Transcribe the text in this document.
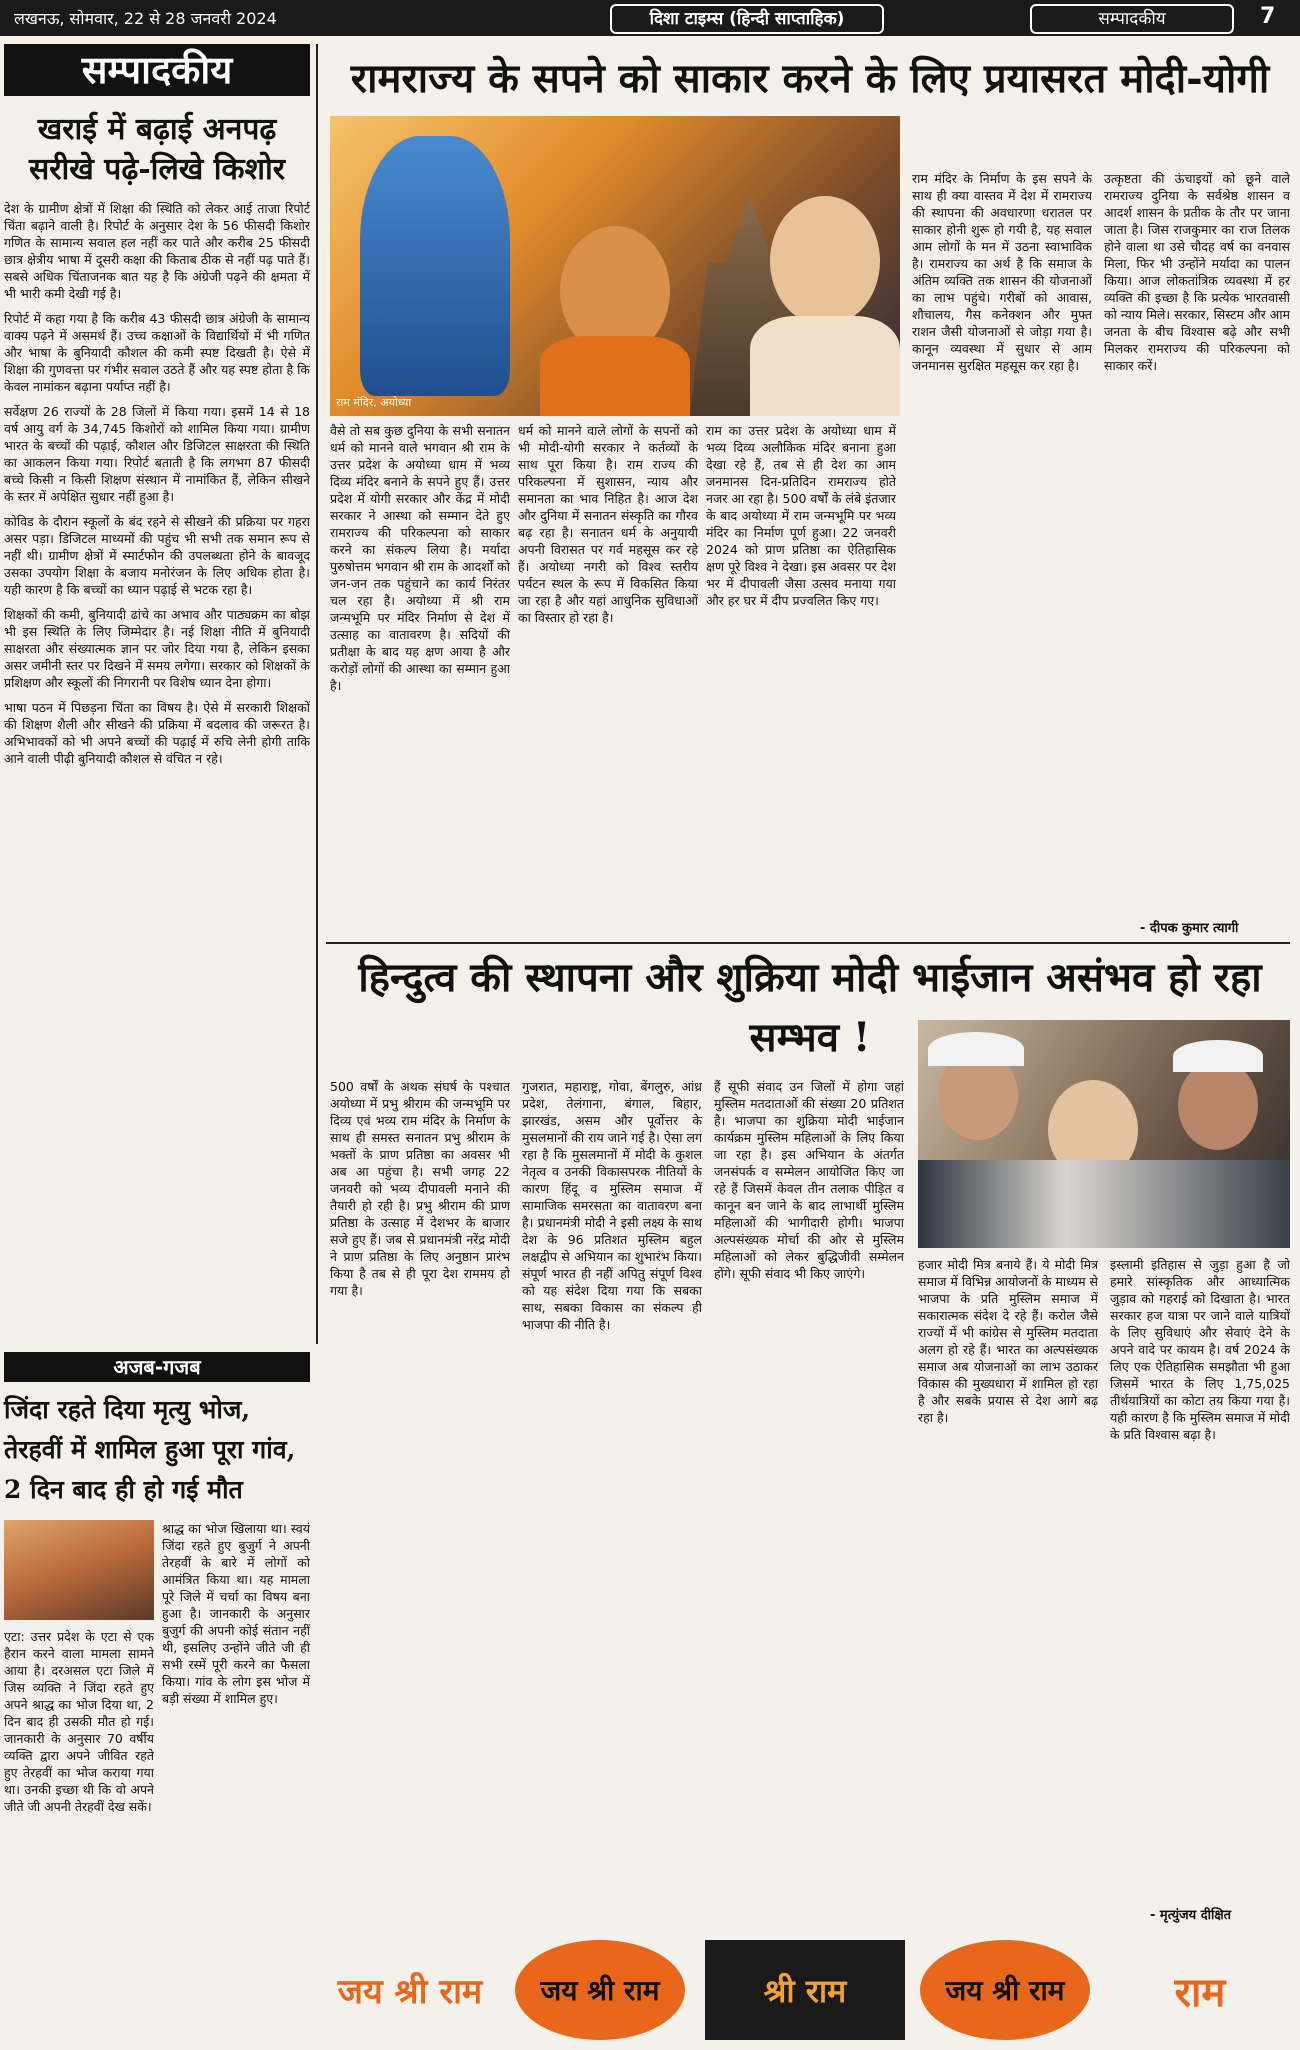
लखनऊ, सोमवार, 22 से 28 जनवरी 2024	दिशा टाइम्स (हिन्दी साप्ताहिक)	सम्पादकीय	7
सम्पादकीय	रामराज्य के सपने को साकार करने के लिए प्रयासरत मोदी-योगी
खराई में बढ़ाई अनपढ़ सरीखे पढ़े-लिखे किशोर

देश के ग्रामीण क्षेत्रों में शिक्षा की स्थिति को लेकर आई ताजा रिपोर्ट चिंता बढ़ाने वाली है। रिपोर्ट के अनुसार देश के 56 फीसदी किशोर गणित के सामान्य सवाल हल नहीं कर पाते और करीब 25 फीसदी छात्र क्षेत्रीय भाषा में दूसरी कक्षा की किताब ठीक से नहीं पढ़ पाते हैं। सबसे अधिक चिंताजनक बात यह है कि अंग्रेजी पढ़ने की क्षमता में भी भारी कमी देखी गई है।

रिपोर्ट में कहा गया है कि करीब 43 फीसदी छात्र अंग्रेजी के सामान्य वाक्य पढ़ने में असमर्थ हैं। उच्च कक्षाओं के विद्यार्थियों में भी गणित और भाषा के बुनियादी कौशल की कमी स्पष्ट दिखती है। ऐसे में शिक्षा की गुणवत्ता पर गंभीर सवाल उठते हैं और यह स्पष्ट होता है कि केवल नामांकन बढ़ाना पर्याप्त नहीं है।

सर्वेक्षण 26 राज्यों के 28 जिलों में किया गया। इसमें 14 से 18 वर्ष आयु वर्ग के 34,745 किशोरों को शामिल किया गया। ग्रामीण भारत के बच्चों की पढ़ाई, कौशल और डिजिटल साक्षरता की स्थिति का आकलन किया गया। रिपोर्ट बताती है कि लगभग 87 फीसदी बच्चे किसी न किसी शिक्षण संस्थान में नामांकित हैं, लेकिन सीखने के स्तर में अपेक्षित सुधार नहीं हुआ है।

कोविड के दौरान स्कूलों के बंद रहने से सीखने की प्रक्रिया पर गहरा असर पड़ा। डिजिटल माध्यमों की पहुंच भी सभी तक समान रूप से नहीं थी। ग्रामीण क्षेत्रों में स्मार्टफोन की उपलब्धता होने के बावजूद उसका उपयोग शिक्षा के बजाय मनोरंजन के लिए अधिक होता है। यही कारण है कि बच्चों का ध्यान पढ़ाई से भटक रहा है।

शिक्षकों की कमी, बुनियादी ढांचे का अभाव और पाठ्यक्रम का बोझ भी इस स्थिति के लिए जिम्मेदार है। नई शिक्षा नीति में बुनियादी साक्षरता और संख्यात्मक ज्ञान पर जोर दिया गया है, लेकिन इसका असर जमीनी स्तर पर दिखने में समय लगेगा। सरकार को शिक्षकों के प्रशिक्षण और स्कूलों की निगरानी पर विशेष ध्यान देना होगा।

भाषा पठन में पिछड़ना चिंता का विषय है। ऐसे में सरकारी शिक्षकों की शिक्षण शैली और सीखने की प्रक्रिया में बदलाव की जरूरत है। अभिभावकों को भी अपने बच्चों की पढ़ाई में रुचि लेनी होगी ताकि आने वाली पीढ़ी बुनियादी कौशल से वंचित न रहे।

राम मंदिर, अयोध्या
वैसे तो सब कुछ दुनिया के सभी सनातन धर्म को मानने वाले भगवान श्री राम के उत्तर प्रदेश के अयोध्या धाम में भव्य दिव्य मंदिर बनाने के सपने हुए हैं। उत्तर प्रदेश में योगी सरकार और केंद्र में मोदी सरकार ने आस्था को सम्मान देते हुए रामराज्य की परिकल्पना को साकार करने का संकल्प लिया है। मर्यादा पुरुषोत्तम भगवान श्री राम के आदर्शों को जन-जन तक पहुंचाने का कार्य निरंतर चल रहा है। अयोध्या में श्री राम जन्मभूमि पर मंदिर निर्माण से देश में उत्साह का वातावरण है। सदियों की प्रतीक्षा के बाद यह क्षण आया है और करोड़ों लोगों की आस्था का सम्मान हुआ है।
धर्म को मानने वाले लोगों के सपनों को भी मोदी-योगी सरकार ने कर्तव्यों के साथ पूरा किया है। राम राज्य की परिकल्पना में सुशासन, न्याय और समानता का भाव निहित है। आज देश और दुनिया में सनातन संस्कृति का गौरव बढ़ रहा है। सनातन धर्म के अनुयायी अपनी विरासत पर गर्व महसूस कर रहे हैं। अयोध्या नगरी को विश्व स्तरीय पर्यटन स्थल के रूप में विकसित किया जा रहा है और यहां आधुनिक सुविधाओं का विस्तार हो रहा है।
राम का उत्तर प्रदेश के अयोध्या धाम में भव्य दिव्य अलौकिक मंदिर बनाना हुआ देखा रहे हैं, तब से ही देश का आम जनमानस दिन-प्रतिदिन रामराज्य होते नजर आ रहा है। 500 वर्षों के लंबे इंतजार के बाद अयोध्या में राम जन्मभूमि पर भव्य मंदिर का निर्माण पूर्ण हुआ। 22 जनवरी 2024 को प्राण प्रतिष्ठा का ऐतिहासिक क्षण पूरे विश्व ने देखा। इस अवसर पर देश भर में दीपावली जैसा उत्सव मनाया गया और हर घर में दीप प्रज्वलित किए गए।
राम मंदिर के निर्माण के इस सपने के साथ ही क्या वास्तव में देश में रामराज्य की स्थापना की अवधारणा धरातल पर साकार होनी शुरू हो गयी है, यह सवाल आम लोगों के मन में उठना स्वाभाविक है। रामराज्य का अर्थ है कि समाज के अंतिम व्यक्ति तक शासन की योजनाओं का लाभ पहुंचे। गरीबों को आवास, शौचालय, गैस कनेक्शन और मुफ्त राशन जैसी योजनाओं से जोड़ा गया है। कानून व्यवस्था में सुधार से आम जनमानस सुरक्षित महसूस कर रहा है।
उत्कृष्टता की ऊंचाइयों को छूने वाले रामराज्य दुनिया के सर्वश्रेष्ठ शासन व आदर्श शासन के प्रतीक के तौर पर जाना जाता है। जिस राजकुमार का राज तिलक होने वाला था उसे चौदह वर्ष का वनवास मिला, फिर भी उन्होंने मर्यादा का पालन किया। आज लोकतांत्रिक व्यवस्था में हर व्यक्ति की इच्छा है कि प्रत्येक भारतवासी को न्याय मिले। सरकार, सिस्टम और आम जनता के बीच विश्वास बढ़े और सभी मिलकर रामराज्य की परिकल्पना को साकार करें।
- दीपक कुमार त्यागी
हिन्दुत्व की स्थापना और शुक्रिया मोदी भाईजान असंभव हो रहा सम्भव !
500 वर्षों के अथक संघर्ष के पश्चात अयोध्या में प्रभु श्रीराम की जन्मभूमि पर दिव्य एवं भव्य राम मंदिर के निर्माण के साथ ही समस्त सनातन प्रभु श्रीराम के भक्तों के प्राण प्रतिष्ठा का अवसर भी अब आ पहुंचा है। सभी जगह 22 जनवरी को भव्य दीपावली मनाने की तैयारी हो रही है। प्रभु श्रीराम की प्राण प्रतिष्ठा के उत्साह में देशभर के बाजार सजे हुए हैं। जब से प्रधानमंत्री नरेंद्र मोदी ने प्राण प्रतिष्ठा के लिए अनुष्ठान प्रारंभ किया है तब से ही पूरा देश राममय हो गया है।
गुजरात, महाराष्ट्र, गोवा, बेंगलुरु, आंध्र प्रदेश, तेलंगाना, बंगाल, बिहार, झारखंड, असम और पूर्वोत्तर के मुसलमानों की राय जाने गई है। ऐसा लग रहा है कि मुसलमानों में मोदी के कुशल नेतृत्व व उनकी विकासपरक नीतियों के कारण हिंदू व मुस्लिम समाज में सामाजिक समरसता का वातावरण बना है। प्रधानमंत्री मोदी ने इसी लक्ष्य के साथ देश के 96 प्रतिशत मुस्लिम बहुल लक्षद्वीप से अभियान का शुभारंभ किया। संपूर्ण भारत ही नहीं अपितु संपूर्ण विश्व को यह संदेश दिया गया कि सबका साथ, सबका विकास का संकल्प ही भाजपा की नीति है।
हैं सूफी संवाद उन जिलों में होगा जहां मुस्लिम मतदाताओं की संख्या 20 प्रतिशत है। भाजपा का शुक्रिया मोदी भाईजान कार्यक्रम मुस्लिम महिलाओं के लिए किया जा रहा है। इस अभियान के अंतर्गत जनसंपर्क व सम्मेलन आयोजित किए जा रहे हैं जिसमें केवल तीन तलाक पीड़ित व कानून बन जाने के बाद लाभार्थी मुस्लिम महिलाओं की भागीदारी होगी। भाजपा अल्पसंख्यक मोर्चा की ओर से मुस्लिम महिलाओं को लेकर बुद्धिजीवी सम्मेलन होंगे। सूफी संवाद भी किए जाएंगे।
हजार मोदी मित्र बनाये हैं। ये मोदी मित्र समाज में विभिन्न आयोजनों के माध्यम से भाजपा के प्रति मुस्लिम समाज में सकारात्मक संदेश दे रहे हैं। करोल जैसे राज्यों में भी कांग्रेस से मुस्लिम मतदाता अलग हो रहे हैं। भारत का अल्पसंख्यक समाज अब योजनाओं का लाभ उठाकर विकास की मुख्यधारा में शामिल हो रहा है और सबके प्रयास से देश आगे बढ़ रहा है।
इस्लामी इतिहास से जुड़ा हुआ है जो हमारे सांस्कृतिक और आध्यात्मिक जुड़ाव को गहराई को दिखाता है। भारत सरकार हज यात्रा पर जाने वाले यात्रियों के लिए सुविधाएं और सेवाएं देने के अपने वादे पर कायम है। वर्ष 2024 के लिए एक ऐतिहासिक समझौता भी हुआ जिसमें भारत के लिए 1,75,025 तीर्थयात्रियों का कोटा तय किया गया है। यही कारण है कि मुस्लिम समाज में मोदी के प्रति विश्वास बढ़ा है।
- मृत्युंजय दीक्षित
अजब-गजब
जिंदा रहते दिया मृत्यु भोज, तेरहवीं में शामिल हुआ पूरा गांव, 2 दिन बाद ही हो गई मौत
एटा: उत्तर प्रदेश के एटा से एक हैरान करने वाला मामला सामने आया है। दरअसल एटा जिले में जिस व्यक्ति ने जिंदा रहते हुए अपने श्राद्ध का भोज दिया था, 2 दिन बाद ही उसकी मौत हो गई। जानकारी के अनुसार 70 वर्षीय व्यक्ति द्वारा अपने जीवित रहते हुए तेरहवीं का भोज कराया गया था। उनकी इच्छा थी कि वो अपने जीते जी अपनी तेरहवीं देख सकें।
श्राद्ध का भोज खिलाया था। स्वयं जिंदा रहते हुए बुजुर्ग ने अपनी तेरहवीं के बारे में लोगों को आमंत्रित किया था। यह मामला पूरे जिले में चर्चा का विषय बना हुआ है। जानकारी के अनुसार बुजुर्ग की अपनी कोई संतान नहीं थी, इसलिए उन्होंने जीते जी ही सभी रस्में पूरी करने का फैसला किया। गांव के लोग इस भोज में बड़ी संख्या में शामिल हुए।
जय श्री राम	जय श्री राम	श्री राम	जय श्री राम	राम
